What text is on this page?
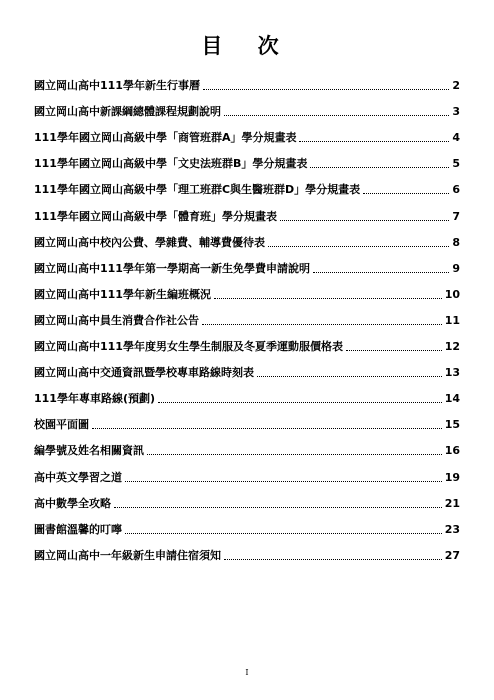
目 次
國立岡山高中111學年新生行事曆	2
國立岡山高中新課綱總體課程規劃說明	3
111學年國立岡山高級中學「商管班群A」學分規畫表	4
111學年國立岡山高級中學「文史法班群B」學分規畫表	5
111學年國立岡山高級中學「理工班群C與生醫班群D」學分規畫表	6
111學年國立岡山高級中學「體育班」學分規畫表	7
國立岡山高中校內公費、學雜費、輔導費優待表	8
國立岡山高中111學年第一學期高一新生免學費申請說明	9
國立岡山高中111學年新生編班概況	10
國立岡山高中員生消費合作社公告	11
國立岡山高中111學年度男女生學生制服及冬夏季運動服價格表	12
國立岡山高中交通資訊暨學校專車路線時刻表	13
111學年專車路線(預劃)	14
校園平面圖	15
編學號及姓名相關資訊	16
高中英文學習之道	19
高中數學全攻略	21
圖書館溫馨的叮嚀	23
國立岡山高中一年級新生申請住宿須知	27
I
